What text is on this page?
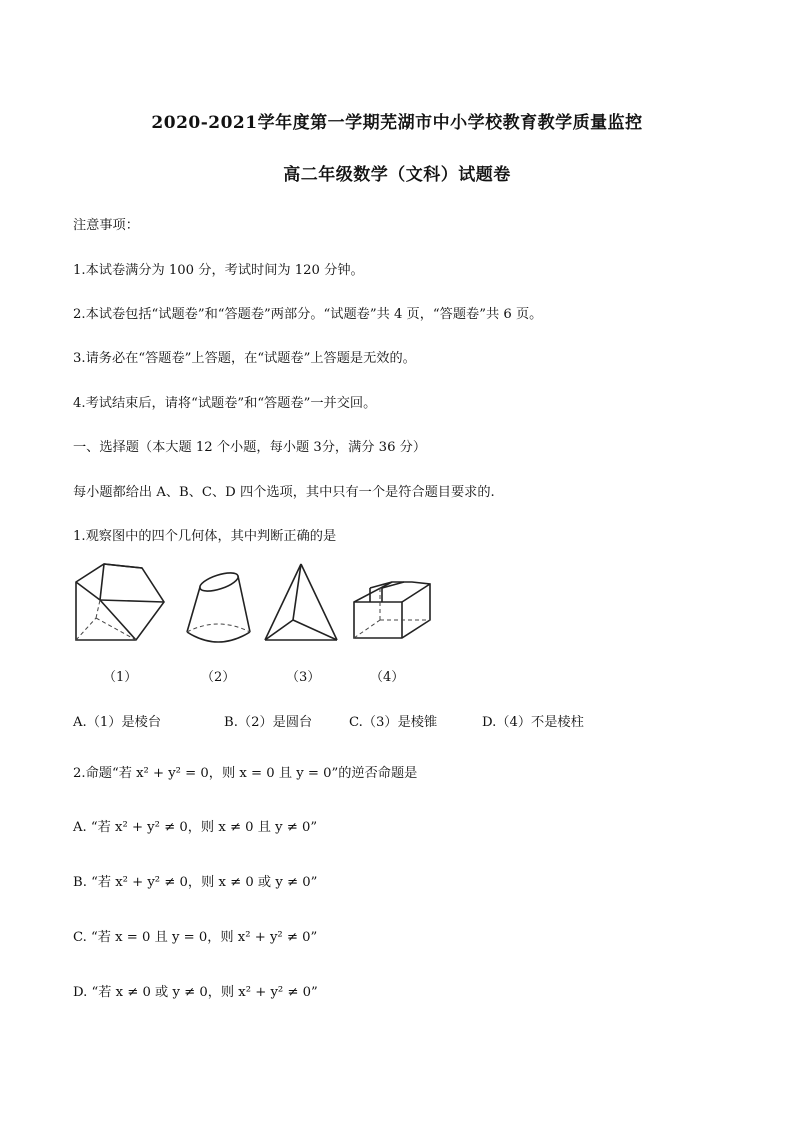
2020-2021学年度第一学期芜湖市中小学校教育教学质量监控
高二年级数学（文科）试题卷
注意事项：
1.本试卷满分为 100 分，考试时间为 120 分钟。
2.本试卷包括“试题卷”和“答题卷”两部分。“试题卷”共 4 页，“答题卷”共 6 页。
3.请务必在“答题卷”上答题，在“试题卷”上答题是无效的。
4.考试结束后，请将“试题卷”和“答题卷”一并交回。
一、选择题（本大题 12 个小题，每小题 3分，满分 36 分）
每小题都给出 A、B、C、D 四个选项，其中只有一个是符合题目要求的.
1.观察图中的四个几何体，其中判断正确的是
（1）	（2）	（3）	（4）
A.（1）是棱台	B.（2）是圆台	C.（3）是棱锥	D.（4）不是棱柱
2.命题“若 x² + y² = 0，则 x = 0 且 y = 0”的逆否命题是
A. “若 x² + y² ≠ 0，则 x ≠ 0 且 y ≠ 0”
B. “若 x² + y² ≠ 0，则 x ≠ 0 或 y ≠ 0”
C. “若 x = 0 且 y = 0，则 x² + y² ≠ 0”
D. “若 x ≠ 0 或 y ≠ 0，则 x² + y² ≠ 0”
